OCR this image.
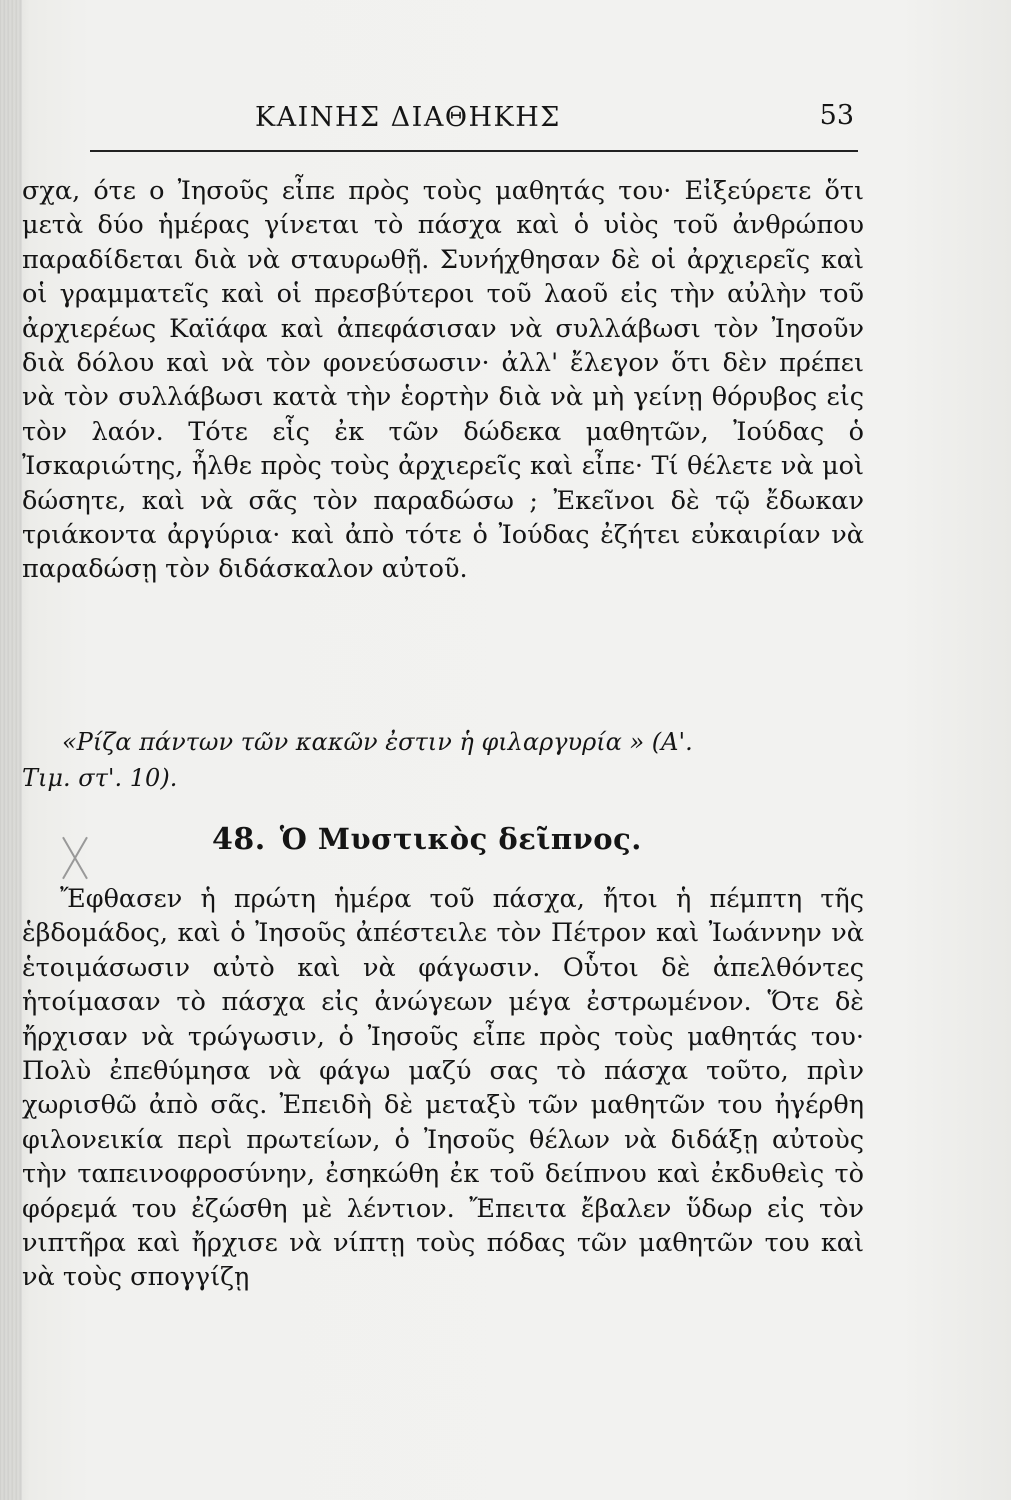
ΚΑΙΝΗΣ ΔΙΑΘΗΚΗΣ	53

σχα, ότε ο Ἰησοῦς εἶπε πρὸς τοὺς μαθητάς του· Εἰξεύρετε ὅτι μετὰ δύο ἡμέρας γίνεται τὸ πάσχα καὶ ὁ υἱὸς τοῦ ἀνθρώπου παραδίδεται διὰ νὰ σταυρωθῇ. Συνήχθησαν δὲ οἱ ἀρχιερεῖς καὶ οἱ γραμματεῖς καὶ οἱ πρεσβύτεροι τοῦ λαοῦ εἰς τὴν αὐλὴν τοῦ ἀρχιερέως Καϊάφα καὶ ἀπεφάσισαν νὰ συλλάβωσι τὸν Ἰησοῦν διὰ δόλου καὶ νὰ τὸν φονεύσωσιν· ἀλλ' ἔλεγον ὅτι δὲν πρέπει νὰ τὸν συλλάβωσι κατὰ τὴν ἑορτὴν διὰ νὰ μὴ γείνῃ θόρυβος εἰς τὸν λαόν. Τότε εἷς ἐκ τῶν δώδεκα μαθητῶν, Ἰούδας ὁ Ἰσκαριώτης, ἦλθε πρὸς τοὺς ἀρχιερεῖς καὶ εἶπε· Τί θέλετε νὰ μοὶ δώσητε, καὶ νὰ σᾶς τὸν παραδώσω ; Ἐκεῖνοι δὲ τῷ ἔδωκαν τριάκοντα ἀργύρια· καὶ ἀπὸ τότε ὁ Ἰούδας ἐζήτει εὐκαιρίαν νὰ παραδώσῃ τὸν διδάσκαλον αὐτοῦ.

«Ρίζα πάντων τῶν κακῶν ἐστιν ἡ φιλαργυρία » (Α'.
Τιμ. στ'. 10).
48. Ὁ Μυστικὸς δεῖπνος.

Ἔφθασεν ἡ πρώτη ἡμέρα τοῦ πάσχα, ἤτοι ἡ πέμπτη τῆς ἑβδομάδος, καὶ ὁ Ἰησοῦς ἀπέστειλε τὸν Πέτρον καὶ Ἰωάννην νὰ ἑτοιμάσωσιν αὐτὸ καὶ νὰ φάγωσιν. Οὗτοι δὲ ἀπελθόντες ἡτοίμασαν τὸ πάσχα εἰς ἀνώγεων μέγα ἐστρωμένον. Ὅτε δὲ ἤρχισαν νὰ τρώγωσιν, ὁ Ἰησοῦς εἶπε πρὸς τοὺς μαθητάς του· Πολὺ ἐπεθύμησα νὰ φάγω μαζύ σας τὸ πάσχα τοῦτο, πρὶν χωρισθῶ ἀπὸ σᾶς. Ἐπειδὴ δὲ μεταξὺ τῶν μαθητῶν του ἠγέρθη φιλονεικία περὶ πρωτείων, ὁ Ἰησοῦς θέλων νὰ διδάξῃ αὐτοὺς τὴν ταπεινοφροσύνην, ἐσηκώθη ἐκ τοῦ δείπνου καὶ ἐκδυθεὶς τὸ φόρεμά του ἐζώσθη μὲ λέντιον. Ἔπειτα ἔβαλεν ὕδωρ εἰς τὸν νιπτῆρα καὶ ἤρχισε νὰ νίπτῃ τοὺς πόδας τῶν μαθητῶν του καὶ νὰ τοὺς σπογγίζῃ
